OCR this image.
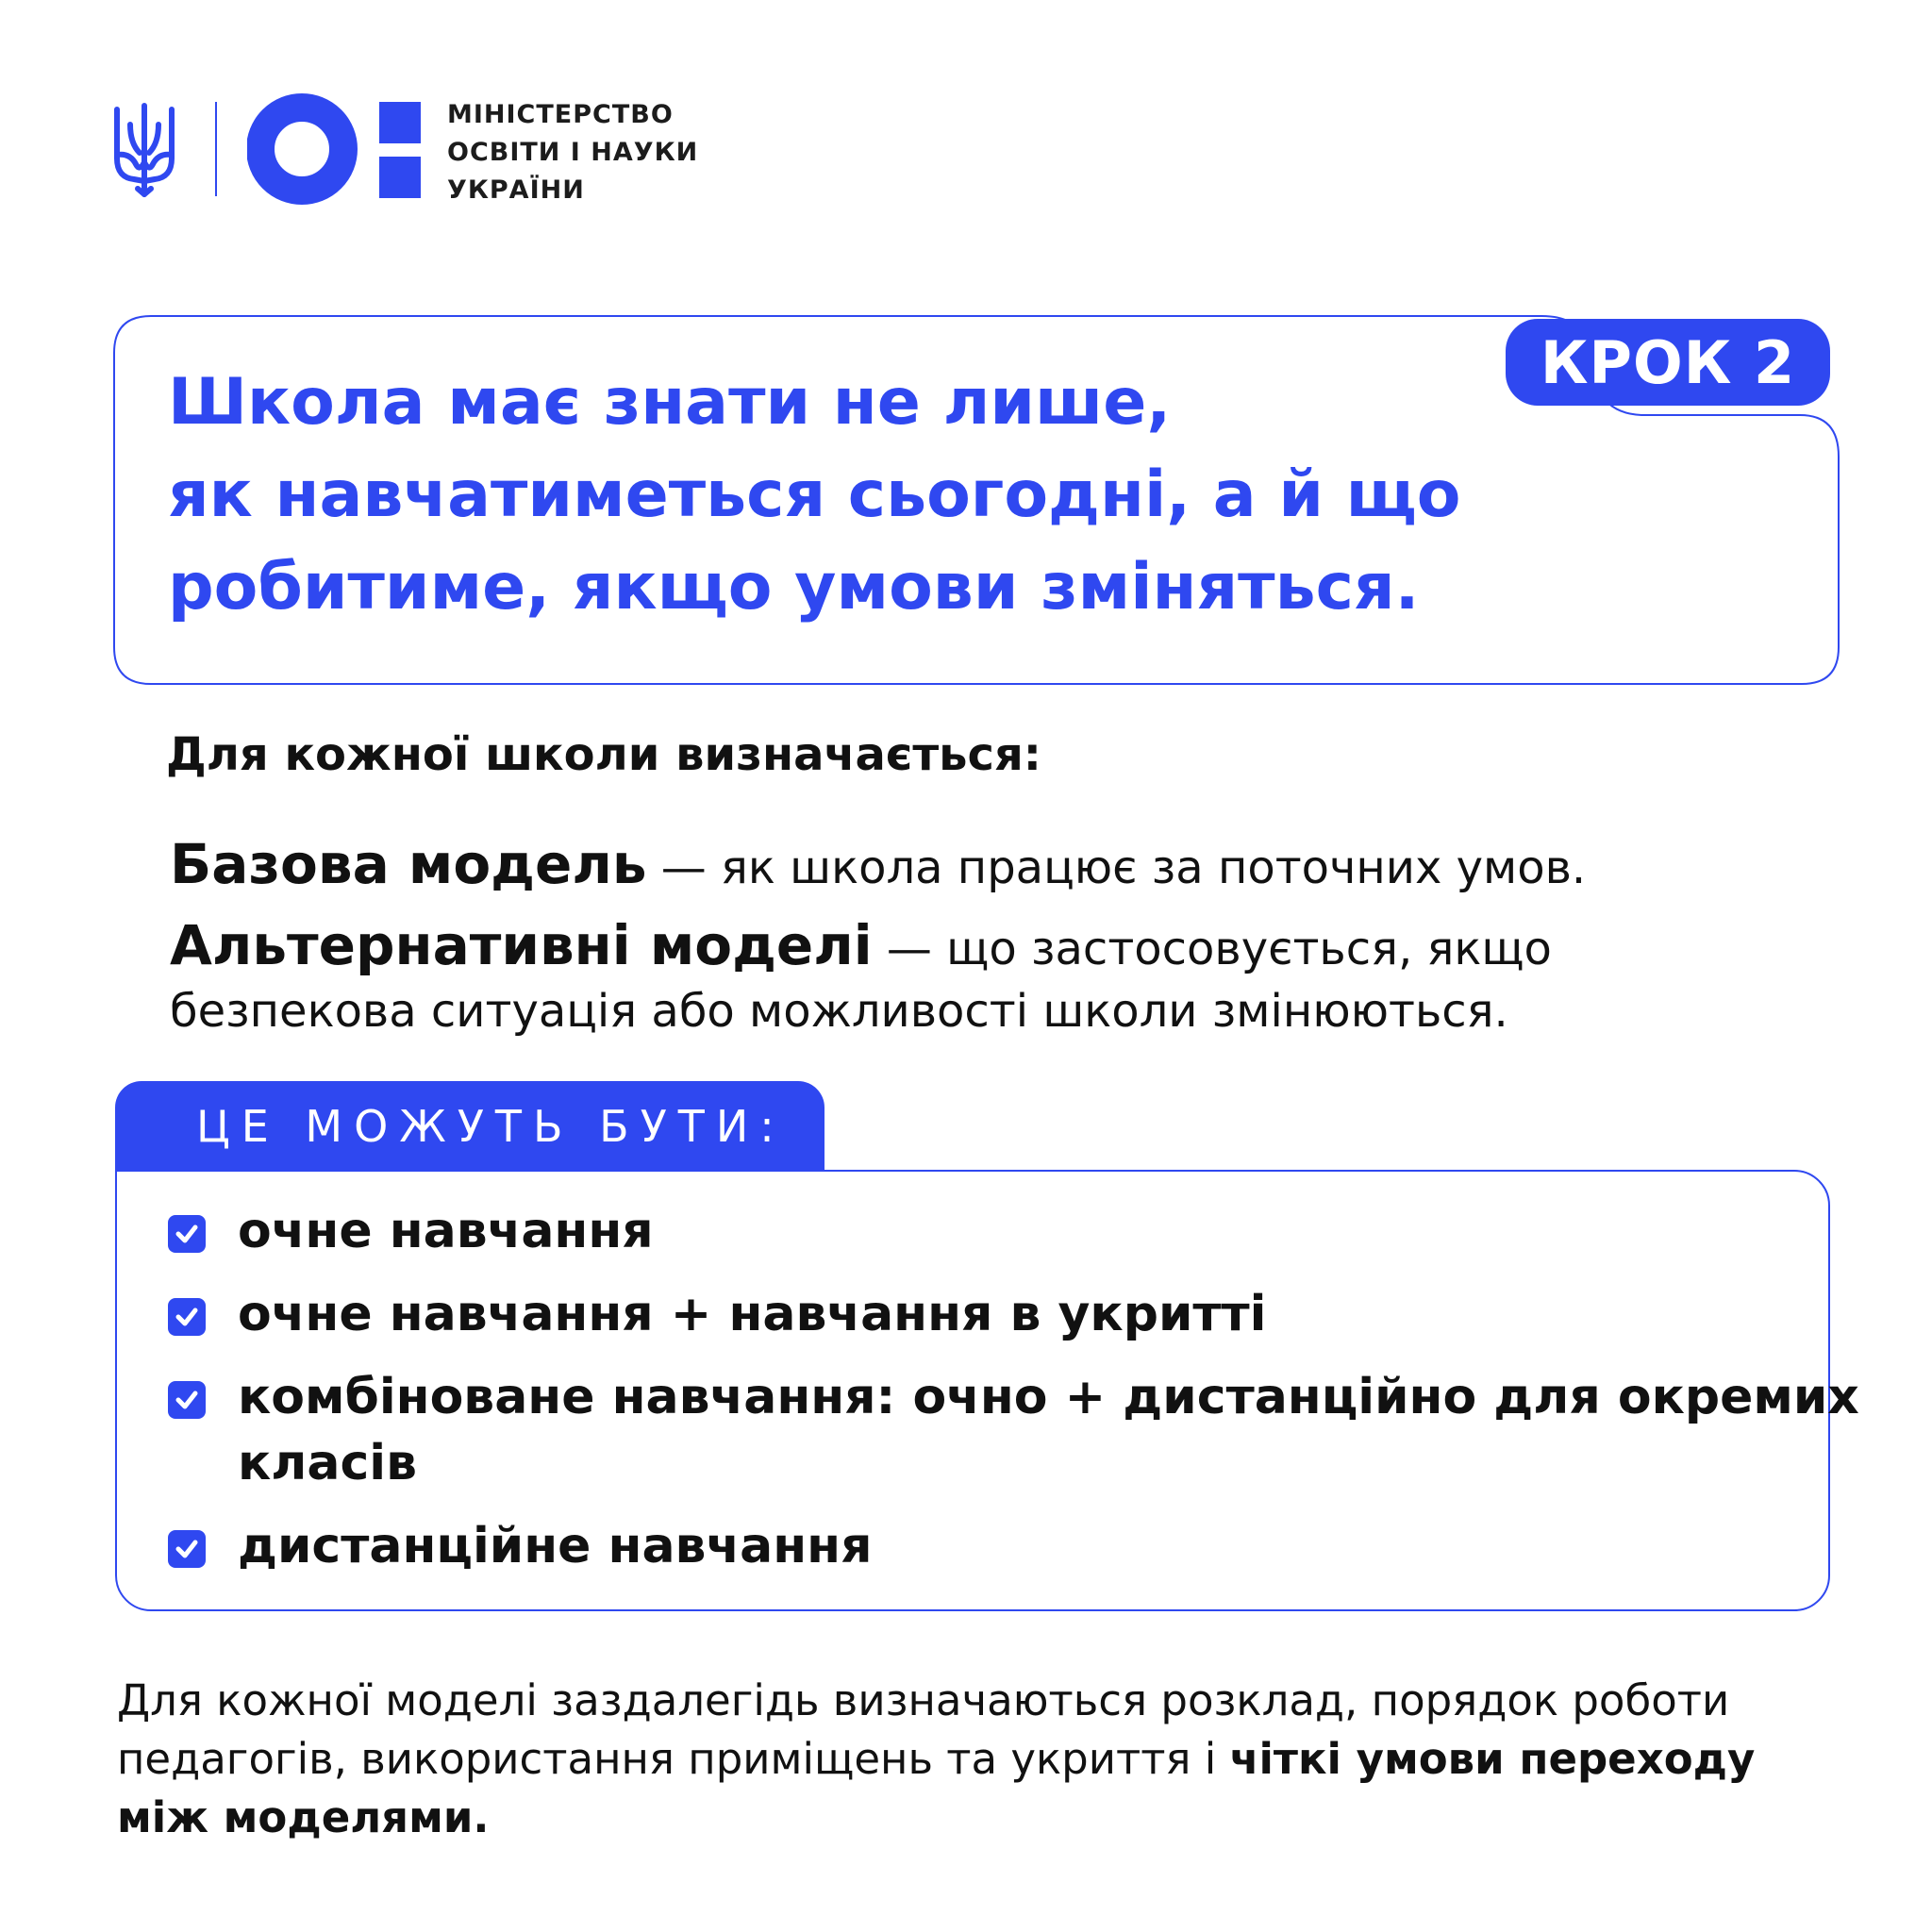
МІНІСТЕРСТВО
ОСВІТИ І НАУКИ
УКРАЇНИ
КРОК 2
Школа має знати не лише,
як навчатиметься сьогодні, а й що
робитиме, якщо умови зміняться.
Для кожної школи визначається:
Базова модель — як школа працює за поточних умов.
Альтернативні моделі — що застосовується, якщо
безпекова ситуація або можливості школи змінюються.
ЦЕ МОЖУТЬ БУТИ:
очне навчання
очне навчання + навчання в укритті
комбіноване навчання: очно + дистанційно для окремих
класів
дистанційне навчання
Для кожної моделі заздалегідь визначаються розклад, порядок роботи
педагогів, використання приміщень та укриття і чіткі умови переходу
між моделями.
